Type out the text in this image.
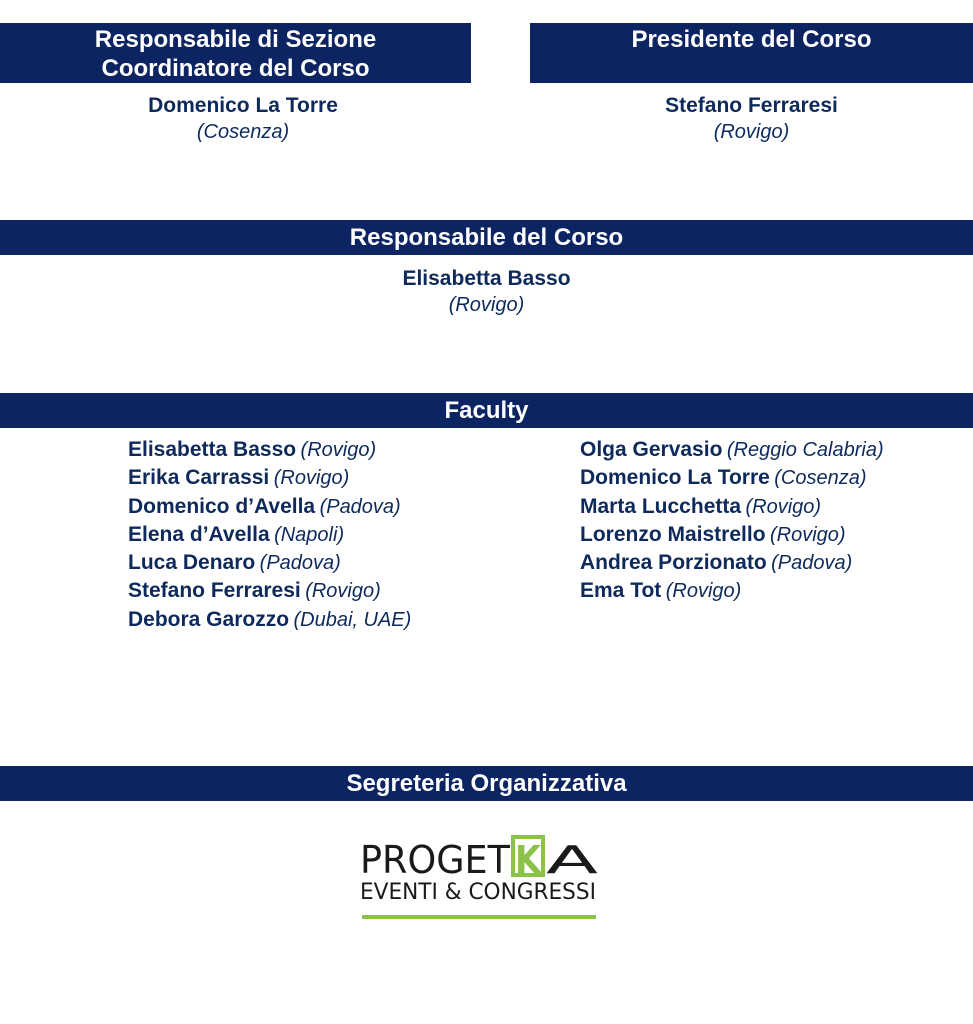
Responsabile di Sezione
Coordinatore del Corso
Domenico La Torre
(Cosenza)
Presidente del Corso
Stefano Ferraresi
(Rovigo)
Responsabile del Corso
Elisabetta Basso
(Rovigo)
Faculty
Elisabetta Basso (Rovigo)
Erika Carrassi (Rovigo)
Domenico d’Avella (Padova)
Elena d’Avella (Napoli)
Luca Denaro (Padova)
Stefano Ferraresi (Rovigo)
Debora Garozzo (Dubai, UAE)
Olga Gervasio (Reggio Calabria)
Domenico La Torre (Cosenza)
Marta Lucchetta (Rovigo)
Lorenzo Maistrello (Rovigo)
Andrea Porzionato (Padova)
Ema Tot (Rovigo)
Segreteria Organizzativa
PROGET K A
EVENTI & CONGRESSI
